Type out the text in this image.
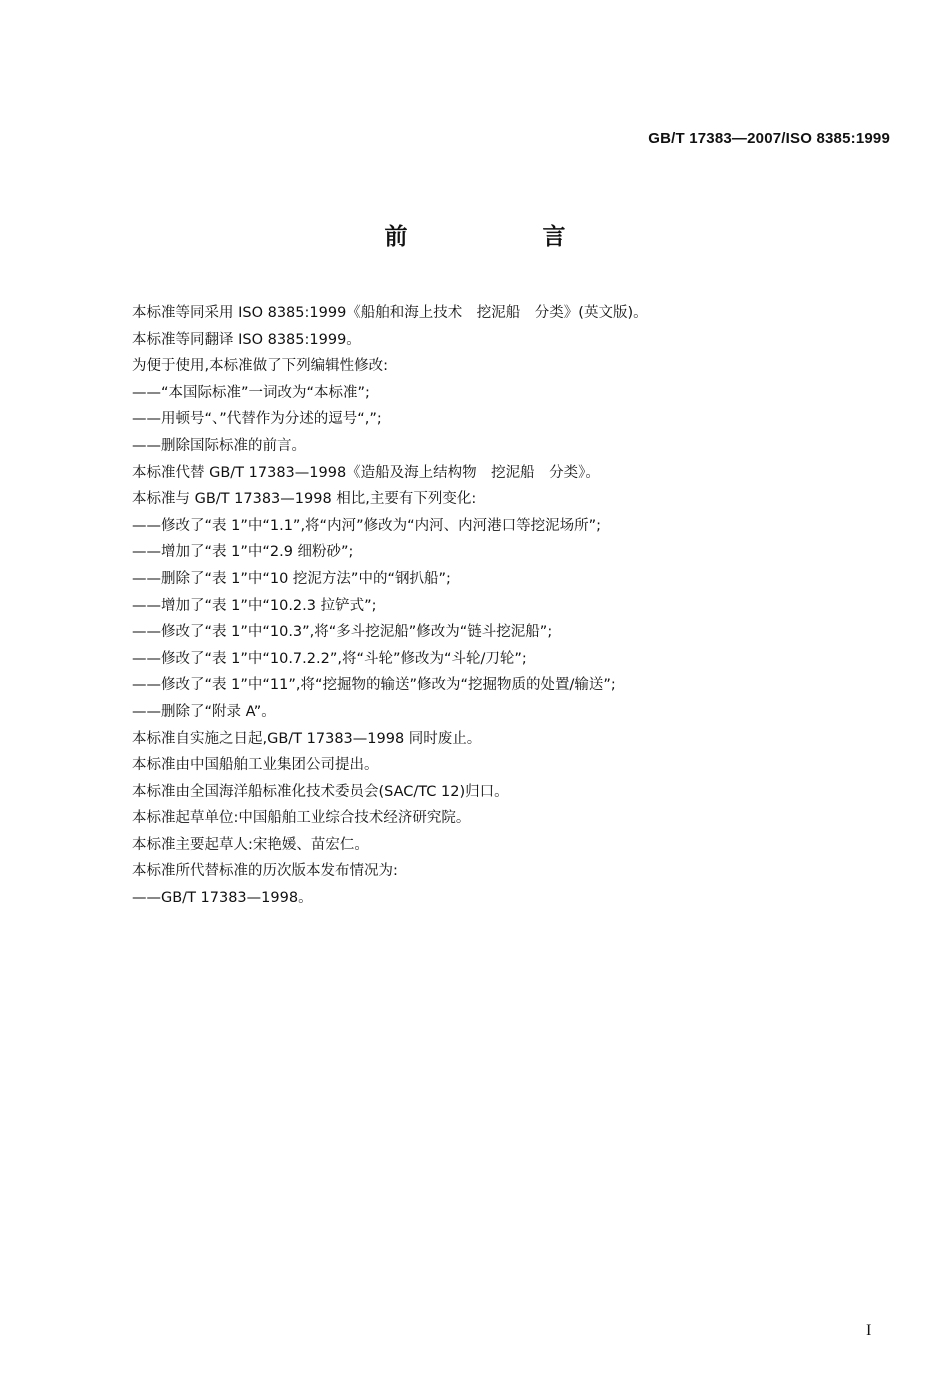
GB/T 17383—2007/ISO 8385:1999
前　言
本标准等同采用 ISO 8385:1999《船舶和海上技术　挖泥船　分类》(英文版)。
本标准等同翻译 ISO 8385:1999。
为便于使用,本标准做了下列编辑性修改:
——“本国际标准”一词改为“本标准”;
——用顿号“、”代替作为分述的逗号“,”;
——删除国际标准的前言。
本标准代替 GB/T 17383—1998《造船及海上结构物　挖泥船　分类》。
本标准与 GB/T 17383—1998 相比,主要有下列变化:
——修改了“表 1”中“1.1”,将“内河”修改为“内河、内河港口等挖泥场所”;
——增加了“表 1”中“2.9 细粉砂”;
——删除了“表 1”中“10 挖泥方法”中的“钢扒船”;
——增加了“表 1”中“10.2.3 拉铲式”;
——修改了“表 1”中“10.3”,将“多斗挖泥船”修改为“链斗挖泥船”;
——修改了“表 1”中“10.7.2.2”,将“斗轮”修改为“斗轮/刀轮”;
——修改了“表 1”中“11”,将“挖掘物的输送”修改为“挖掘物质的处置/输送”;
——删除了“附录 A”。
本标准自实施之日起,GB/T 17383—1998 同时废止。
本标准由中国船舶工业集团公司提出。
本标准由全国海洋船标准化技术委员会(SAC/TC 12)归口。
本标准起草单位:中国船舶工业综合技术经济研究院。
本标准主要起草人:宋艳媛、苗宏仁。
本标准所代替标准的历次版本发布情况为:
——GB/T 17383—1998。
I
